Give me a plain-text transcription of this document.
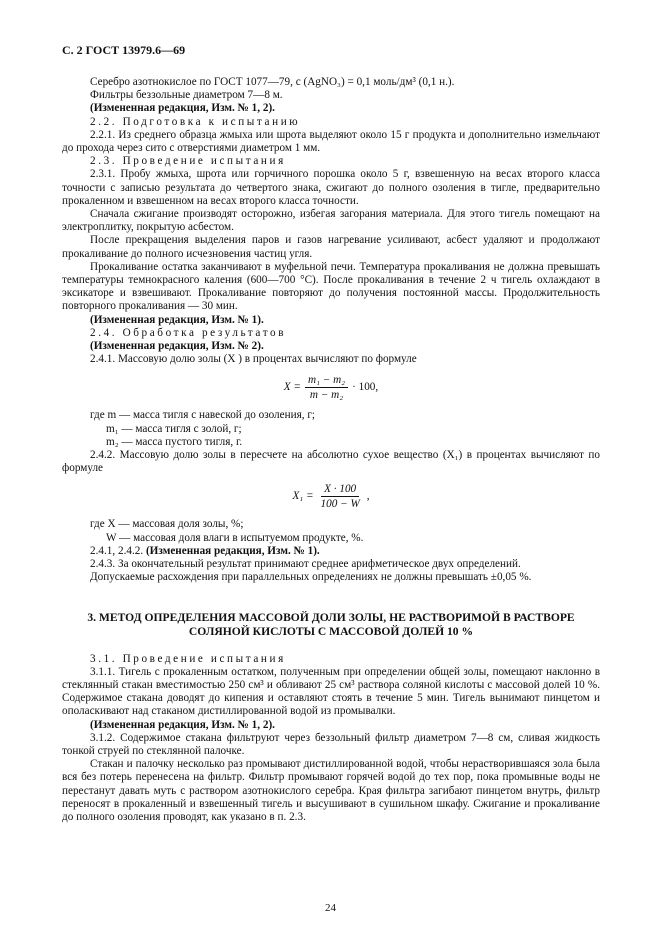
С. 2 ГОСТ 13979.6—69

Серебро азотнокислое по ГОСТ 1077—79, c (AgNO₃) = 0,1 моль/дм³ (0,1 н.).

Фильтры беззольные диаметром 7—8 м.

(Измененная редакция, Изм. № 1, 2).

2.2. Подготовка к испытанию

2.2.1. Из среднего образца жмыха или шрота выделяют около 15 г продукта и дополнительно измельчают до прохода через сито с отверстиями диаметром 1 мм.

2.3. Проведение испытания

2.3.1. Пробу жмыха, шрота или горчичного порошка около 5 г, взвешенную на весах второго класса точности с записью результата до четвертого знака, сжигают до полного озоления в тигле, предварительно прокаленном и взвешенном на весах второго класса точности.

Сначала сжигание производят осторожно, избегая загорания материала. Для этого тигель помещают на электроплитку, покрытую асбестом.

После прекращения выделения паров и газов нагревание усиливают, асбест удаляют и продолжают прокаливание до полного исчезновения частиц угля.

Прокаливание остатка заканчивают в муфельной печи. Температура прокаливания не должна превышать температуры темнокрасного каления (600—700 °С). После прокаливания в течение 2 ч тигель охлаждают в эксикаторе и взвешивают. Прокаливание повторяют до получения постоянной массы. Продолжительность повторного прокаливания — 30 мин.

(Измененная редакция, Изм. № 1).

2.4. Обработка результатов

(Измененная редакция, Изм. № 2).

2.4.1. Массовую долю золы (X ) в процентах вычисляют по формуле

$X = \frac{\text{m₁ − m₂}}{\text{m − m₂}} \cdot 100$,

где m — масса тигля с навеской до озоления, г;

m₁ — масса тигля с золой, г;

m₂ — масса пустого тигля, г.

2.4.2. Массовую долю золы в пересчете на абсолютно сухое вещество (X₁) в процентах вычисляют по формуле

$X_1 = \frac{X \cdot 100}{100 - W}$ ,

где X — массовая доля золы, %;

W — массовая доля влаги в испытуемом продукте, %.

2.4.1, 2.4.2. (Измененная редакция, Изм. № 1).

2.4.3. За окончательный результат принимают среднее арифметическое двух определений.

Допускаемые расхождения при параллельных определениях не должны превышать ±0,05 %.

3. МЕТОД ОПРЕДЕЛЕНИЯ МАССОВОЙ ДОЛИ ЗОЛЫ, НЕ РАСТВОРИМОЙ В РАСТВОРЕ
СОЛЯНОЙ КИСЛОТЫ С МАССОВОЙ ДОЛЕЙ 10 %

3.1. Проведение испытания

3.1.1. Тигель с прокаленным остатком, полученным при определении общей золы, помещают наклонно в стеклянный стакан вместимостью 250 см³ и обливают 25 см³ раствора соляной кислоты с массовой долей 10 %. Содержимое стакана доводят до кипения и оставляют стоять в течение 5 мин. Тигель вынимают пинцетом и ополаскивают над стаканом дистиллированной водой из промывалки.

(Измененная редакция, Изм. № 1, 2).

3.1.2. Содержимое стакана фильтруют через беззольный фильтр диаметром 7—8 см, сливая жидкость тонкой струей по стеклянной палочке.

Стакан и палочку несколько раз промывают дистиллированной водой, чтобы нерастворившаяся зола была вся без потерь перенесена на фильтр. Фильтр промывают горячей водой до тех пор, пока промывные воды не перестанут давать муть с раствором азотнокислого серебра. Края фильтра загибают пинцетом внутрь, фильтр переносят в прокаленный и взвешенный тигель и высушивают в сушильном шкафу. Сжигание и прокаливание до полного озоления проводят, как указано в п. 2.3.

24
